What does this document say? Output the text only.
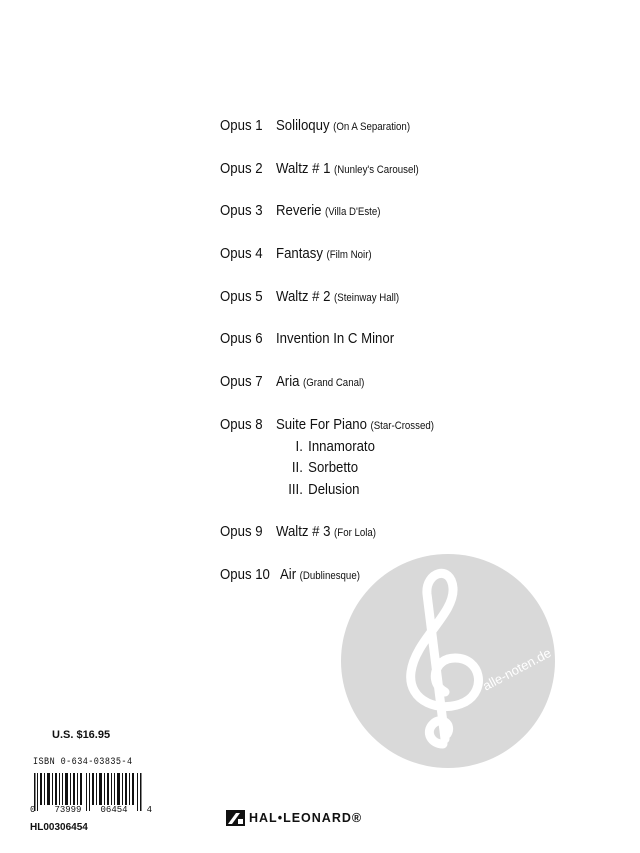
Opus 1 Soliloquy (On A Separation)
Opus 2 Waltz # 1 (Nunley's Carousel)
Opus 3 Reverie (Villa D'Este)
Opus 4 Fantasy (Film Noir)
Opus 5 Waltz # 2 (Steinway Hall)
Opus 6 Invention In C Minor
Opus 7 Aria (Grand Canal)
Opus 8 Suite For Piano (Star-Crossed)
I. Innamorato
II. Sorbetto
III. Delusion
Opus 9 Waltz # 3 (For Lola)
Opus 10 Air (Dublinesque)
alle-noten.de
U.S. $16.95
ISBN 0-634-03835-4
0 73999 06454 4
HL00306454
HAL•LEONARD®
